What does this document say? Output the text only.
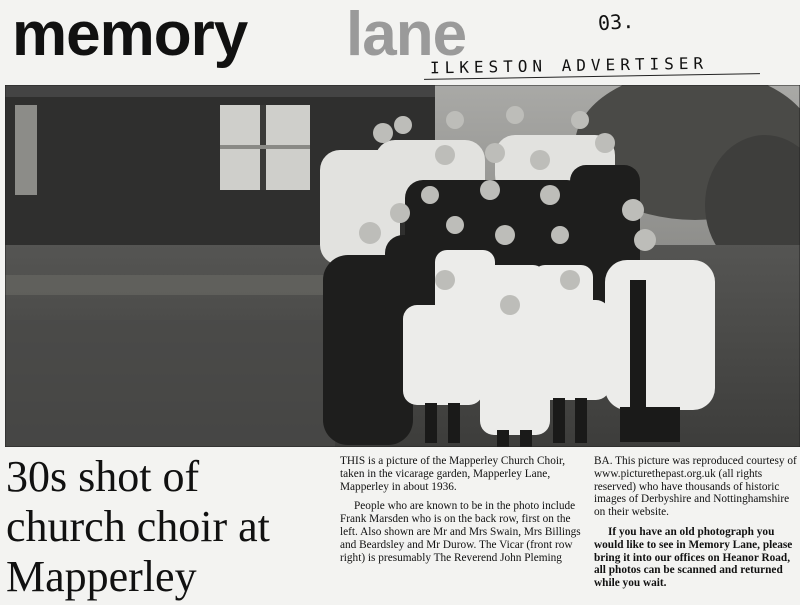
memory lane	03.
ILKESTON ADVERTISER
30s shot of church choir at Mapperley

THIS is a picture of the Mapperley Church Choir, taken in the vicarage garden, Mapperley Lane, Mapperley in about 1936.

People who are known to be in the photo include Frank Marsden who is on the back row, first on the left. Also shown are Mr and Mrs Swain, Mrs Billings and Beardsley and Mr Durow. The Vicar (front row right) is presumably The Reverend John Pleming

BA. This picture was reproduced courtesy of www.picturethepast.org.uk (all rights reserved) who have thousands of historic images of Derbyshire and Nottinghamshire on their website.

If you have an old photograph you would like to see in Memory Lane, please bring it into our offices on Heanor Road, all photos can be scanned and returned while you wait.
